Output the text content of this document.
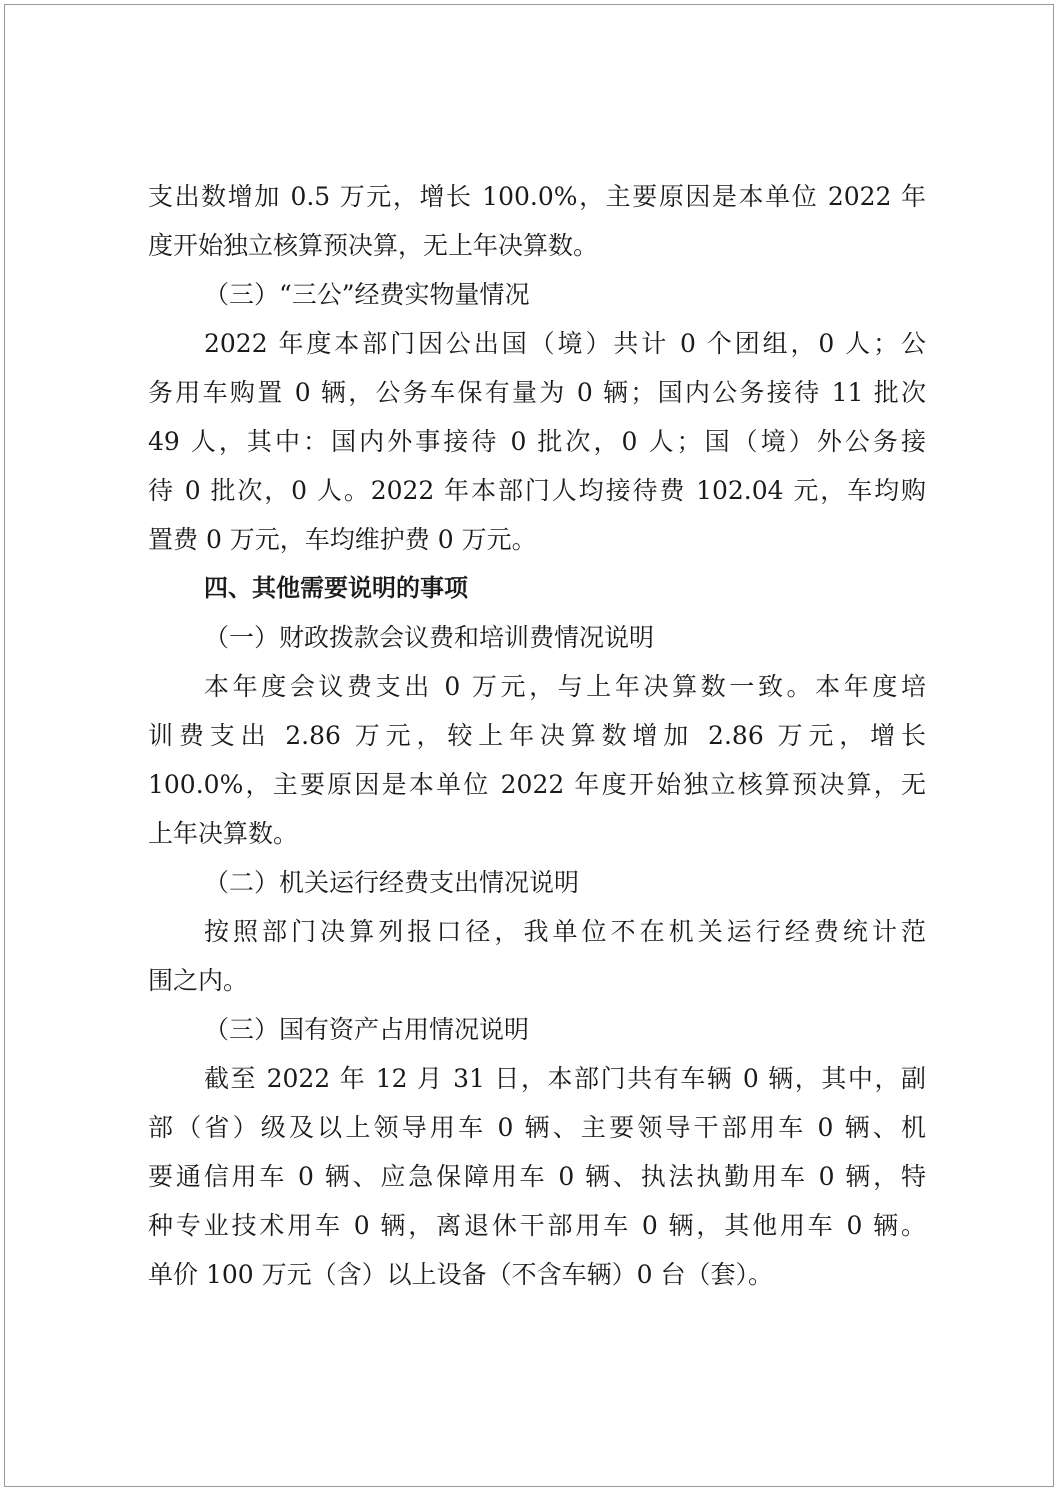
支出数增加 0.5 万元，增长 100.0%，主要原因是本单位 2022 年
度开始独立核算预决算，无上年决算数。
（三）“三公”经费实物量情况
2022 年度本部门因公出国（境）共计 0 个团组，0 人；公
务用车购置 0 辆，公务车保有量为 0 辆；国内公务接待 11 批次
49 人，其中：国内外事接待 0 批次，0 人；国（境）外公务接
待 0 批次，0 人。2022 年本部门人均接待费 102.04 元，车均购
置费 0 万元，车均维护费 0 万元。
四、其他需要说明的事项
（一）财政拨款会议费和培训费情况说明
本年度会议费支出 0 万元，与上年决算数一致。本年度培
训费支出 2.86 万元，较上年决算数增加 2.86 万元，增长
100.0%，主要原因是本单位 2022 年度开始独立核算预决算，无
上年决算数。
（二）机关运行经费支出情况说明
按照部门决算列报口径，我单位不在机关运行经费统计范
围之内。
（三）国有资产占用情况说明
截至 2022 年 12 月 31 日，本部门共有车辆 0 辆，其中，副
部（省）级及以上领导用车 0 辆、主要领导干部用车 0 辆、机
要通信用车 0 辆、应急保障用车 0 辆、执法执勤用车 0 辆，特
种专业技术用车 0 辆，离退休干部用车 0 辆，其他用车 0 辆。
单价 100 万元（含）以上设备（不含车辆）0 台（套）。
